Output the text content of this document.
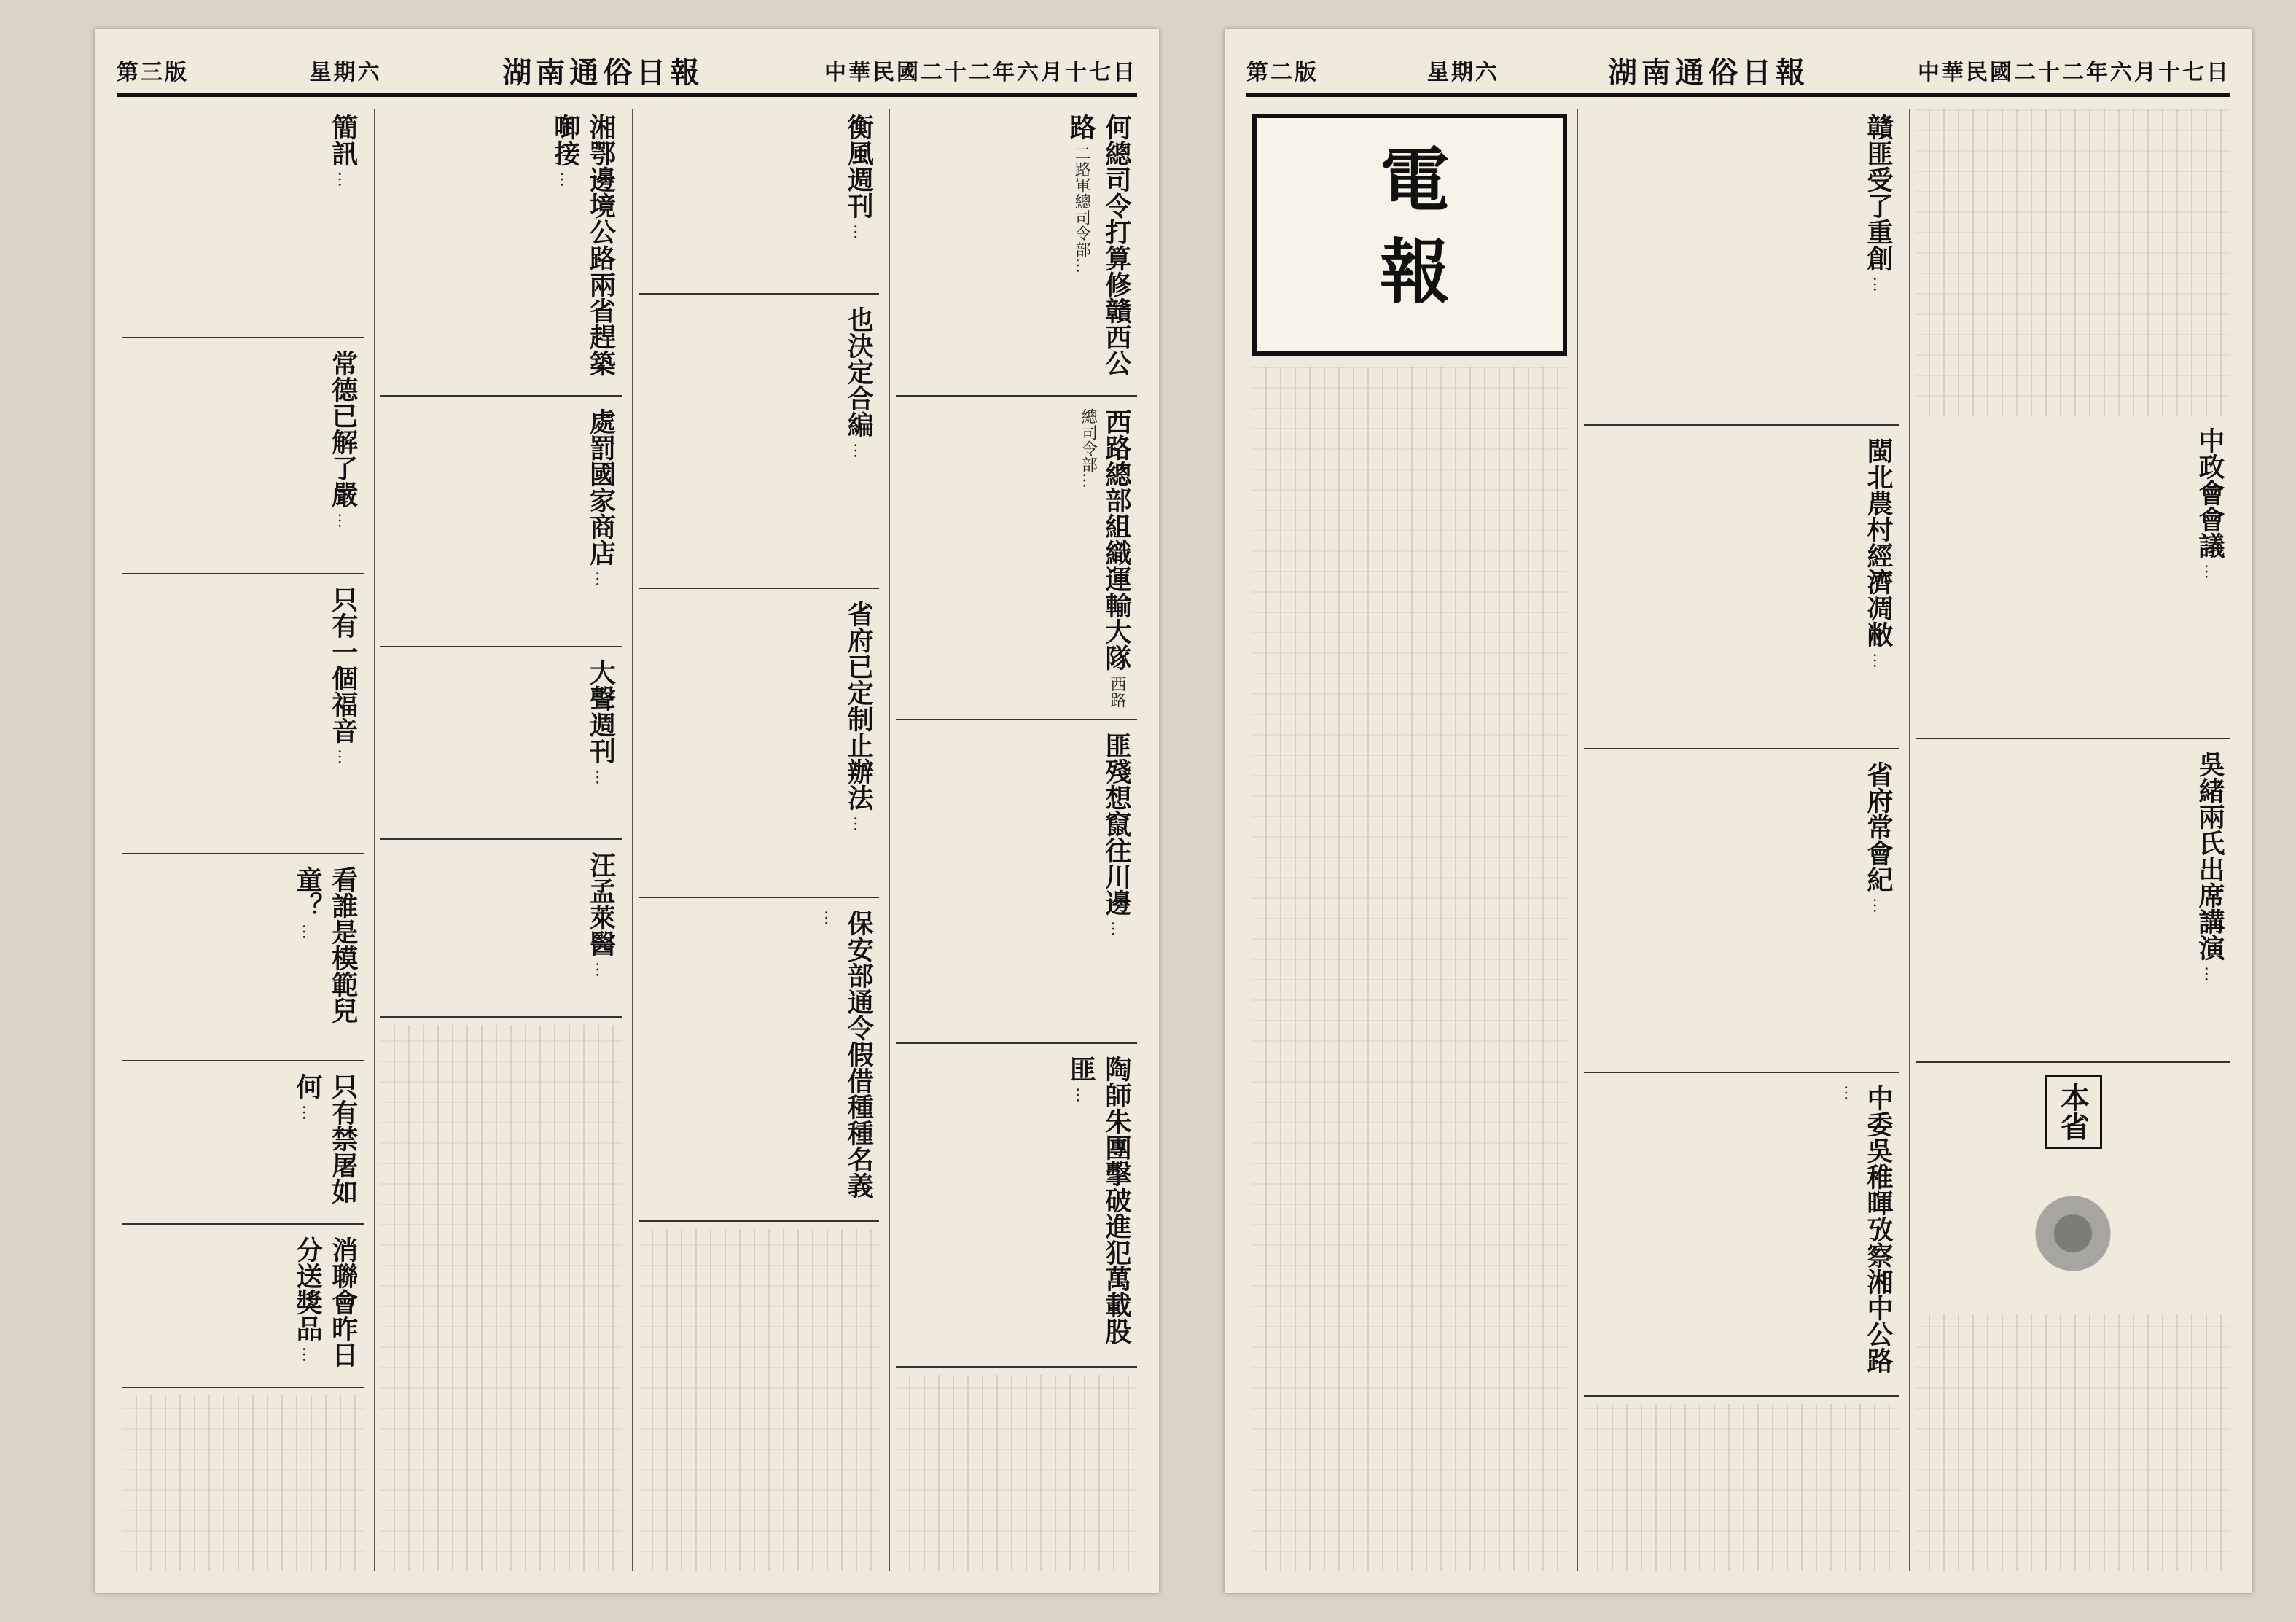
中華民國二十二年六月十七日
湖南通俗日報
星期六
第三版
何總司令打算修贛西公路 二路軍總司令部…
西路總部組織運輸大隊 西路總司令部…
匪殘想竄往川邊 …
陶師朱團擊破進犯萬載股匪 …
衡風週刊 …
也決定合編 …
省府已定制止辦法 …
保安部通令假借種種名義 …
湘鄂邊境公路兩省趕築啣接 …
處罰國家商店 …
大聲週刊 …
汪孟萊醫 …
簡訊 …
常德已解了嚴 …
只有一個福音 …
看誰是模範兒童？ …
只有禁屠如何 …
消聯會昨日分送獎品 …
中華民國二十二年六月十七日
湖南通俗日報
星期六
第二版
中政會會議 …
吳緒兩氏出席講演 …
本省
贛匪受了重創 …
閩北農村經濟凋敝 …
省府常會紀 …
中委吳稚暉攷察湘中公路 …
電報
